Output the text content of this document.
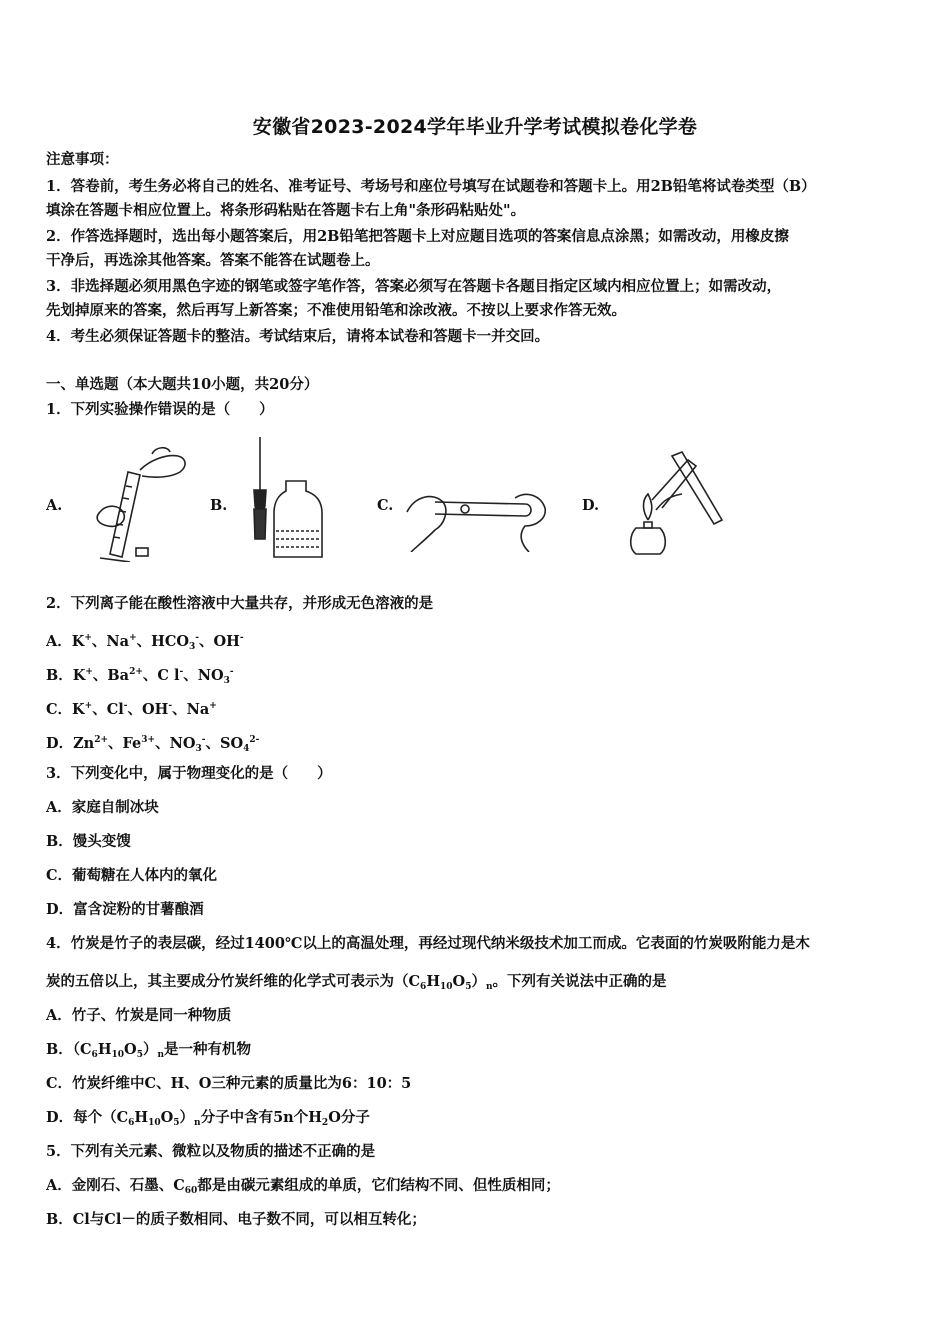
安徽省2023-2024学年毕业升学考试模拟卷化学卷
注意事项：
1．答卷前，考生务必将自己的姓名、准考证号、考场号和座位号填写在试题卷和答题卡上。用2B铅笔将试卷类型（B）
填涂在答题卡相应位置上。将条形码粘贴在答题卡右上角"条形码粘贴处"。
2．作答选择题时，选出每小题答案后，用2B铅笔把答题卡上对应题目选项的答案信息点涂黑；如需改动，用橡皮擦
干净后，再选涂其他答案。答案不能答在试题卷上。
3．非选择题必须用黑色字迹的钢笔或签字笔作答，答案必须写在答题卡各题目指定区域内相应位置上；如需改动，
先划掉原来的答案，然后再写上新答案；不准使用铅笔和涂改液。不按以上要求作答无效。
4．考生必须保证答题卡的整洁。考试结束后，请将本试卷和答题卡一并交回。
一、单选题（本大题共10小题，共20分）
1．下列实验操作错误的是（　　）
A.	B.	C.	D.
2．下列离子能在酸性溶液中大量共存，并形成无色溶液的是
A．K+、Na+、$HCO_3^-$、OH-
B．K+、$Ba^{2+}$、C l-、$NO_3^-$
C．K+、Cl-、OH-、Na+
D．$Zn^{2+}$、$Fe^{3+}$、$NO_3^-$、$SO_4^{2-}$
3．下列变化中，属于物理变化的是（　　）
A．家庭自制冰块
B．馒头变馊
C．葡萄糖在人体内的氧化
D．富含淀粉的甘薯酿酒
4．竹炭是竹子的表层碳，经过1400℃以上的高温处理，再经过现代纳米级技术加工而成。它表面的竹炭吸附能力是木
炭的五倍以上，其主要成分竹炭纤维的化学式可表示为$(C_6H_{10}O_5)_n$。下列有关说法中正确的是
A．竹子、竹炭是同一种物质
B．$(C_6H_{10}O_5)_n$是一种有机物
C．竹炭纤维中C、H、O三种元素的质量比为6：10：5
D．每个$(C_6H_{10}O_5)_n$分子中含有5n个$H_2O$分子
5．下列有关元素、微粒以及物质的描述不正确的是
A．金刚石、石墨、$C_{60}$都是由碳元素组成的单质，它们结构不同、但性质相同；
B．Cl与Cl－的质子数相同、电子数不同，可以相互转化；
